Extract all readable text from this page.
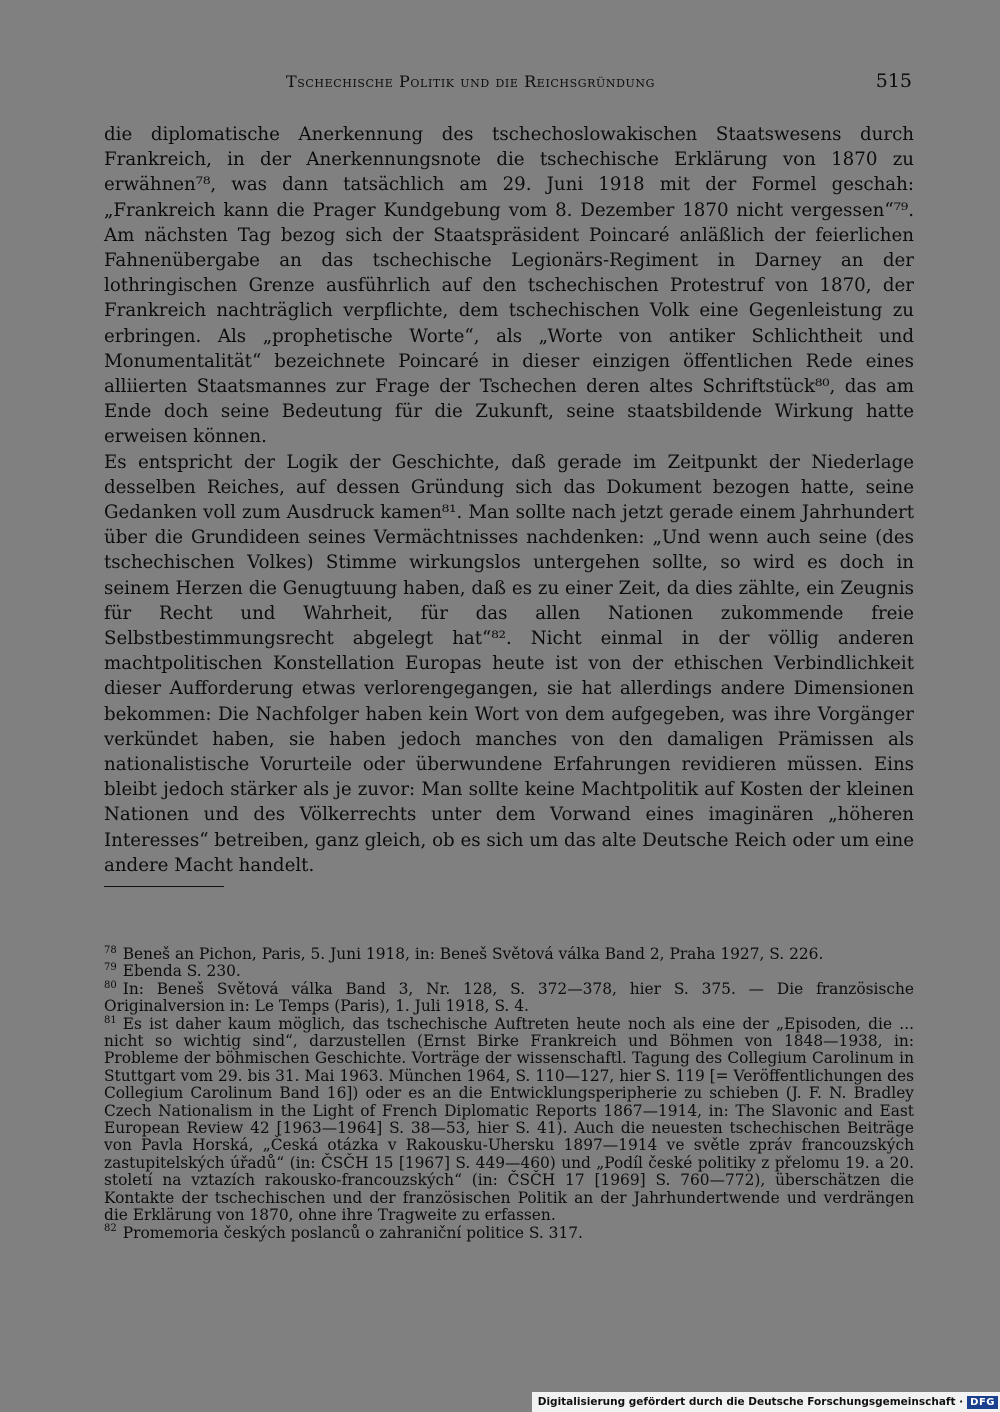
Tschechische Politik und die Reichsgründung	515

die diplomatische Anerkennung des tschechoslowakischen Staatswesens durch Frankreich, in der Anerkennungsnote die tschechische Erklärung von 1870 zu erwähnen⁷⁸, was dann tatsächlich am 29. Juni 1918 mit der Formel geschah: „Frankreich kann die Prager Kundgebung vom 8. Dezember 1870 nicht vergessen“⁷⁹. Am nächsten Tag bezog sich der Staatspräsident Poincaré anläßlich der feierlichen Fahnenübergabe an das tschechische Legionärs-Regiment in Darney an der lothringischen Grenze ausführlich auf den tschechischen Protestruf von 1870, der Frankreich nachträglich verpflichte, dem tschechischen Volk eine Gegenleistung zu erbringen. Als „prophetische Worte“, als „Worte von antiker Schlichtheit und Monumentalität“ bezeichnete Poincaré in dieser einzigen öffentlichen Rede eines alliierten Staatsmannes zur Frage der Tschechen deren altes Schriftstück⁸⁰, das am Ende doch seine Bedeutung für die Zukunft, seine staatsbildende Wirkung hatte erweisen können.

Es entspricht der Logik der Geschichte, daß gerade im Zeitpunkt der Niederlage desselben Reiches, auf dessen Gründung sich das Dokument bezogen hatte, seine Gedanken voll zum Ausdruck kamen⁸¹. Man sollte nach jetzt gerade einem Jahrhundert über die Grundideen seines Vermächtnisses nachdenken: „Und wenn auch seine (des tschechischen Volkes) Stimme wirkungslos untergehen sollte, so wird es doch in seinem Herzen die Genugtuung haben, daß es zu einer Zeit, da dies zählte, ein Zeugnis für Recht und Wahrheit, für das allen Nationen zukommende freie Selbstbestimmungsrecht abgelegt hat“⁸². Nicht einmal in der völlig anderen machtpolitischen Konstellation Europas heute ist von der ethischen Verbindlichkeit dieser Aufforderung etwas verlorengegangen, sie hat allerdings andere Dimensionen bekommen: Die Nachfolger haben kein Wort von dem aufgegeben, was ihre Vorgänger verkündet haben, sie haben jedoch manches von den damaligen Prämissen als nationalistische Vorurteile oder überwundene Erfahrungen revidieren müssen. Eins bleibt jedoch stärker als je zuvor: Man sollte keine Machtpolitik auf Kosten der kleinen Nationen und des Völkerrechts unter dem Vorwand eines imaginären „höheren Interesses“ betreiben, ganz gleich, ob es sich um das alte Deutsche Reich oder um eine andere Macht handelt.

$^{78}$ Beneš an Pichon, Paris, 5. Juni 1918, in: Beneš Světová válka Band 2, Praha 1927, S. 226.

$^{79}$ Ebenda S. 230.

$^{80}$ In: Beneš Světová válka Band 3, Nr. 128, S. 372—378, hier S. 375. — Die französische Originalversion in: Le Temps (Paris), 1. Juli 1918, S. 4.

$^{81}$ Es ist daher kaum möglich, das tschechische Auftreten heute noch als eine der „Episoden, die ... nicht so wichtig sind“, darzustellen (Ernst Birke Frankreich und Böhmen von 1848—1938, in: Probleme der böhmischen Geschichte. Vorträge der wissenschaftl. Tagung des Collegium Carolinum in Stuttgart vom 29. bis 31. Mai 1963. München 1964, S. 110—127, hier S. 119 [= Veröffentlichungen des Collegium Carolinum Band 16]) oder es an die Entwicklungsperipherie zu schieben (J. F. N. Bradley Czech Nationalism in the Light of French Diplomatic Reports 1867—1914, in: The Slavonic and East European Review 42 [1963—1964] S. 38—53, hier S. 41). Auch die neuesten tschechischen Beiträge von Pavla Horská, „Česká otázka v Rakousku-Uhersku 1897—1914 ve světle zpráv francouzských zastupitelských úřadů“ (in: ČSČH 15 [1967] S. 449—460) und „Podíl české politiky z přelomu 19. a 20. století na vztazích rakousko-francouzských“ (in: ČSČH 17 [1969] S. 760—772), überschätzen die Kontakte der tschechischen und der französischen Politik an der Jahrhundertwende und verdrängen die Erklärung von 1870, ohne ihre Tragweite zu erfassen.

$^{82}$ Promemoria českých poslanců o zahraniční politice S. 317.

Digitalisierung gefördert durch die Deutsche Forschungsgemeinschaft · DFG
